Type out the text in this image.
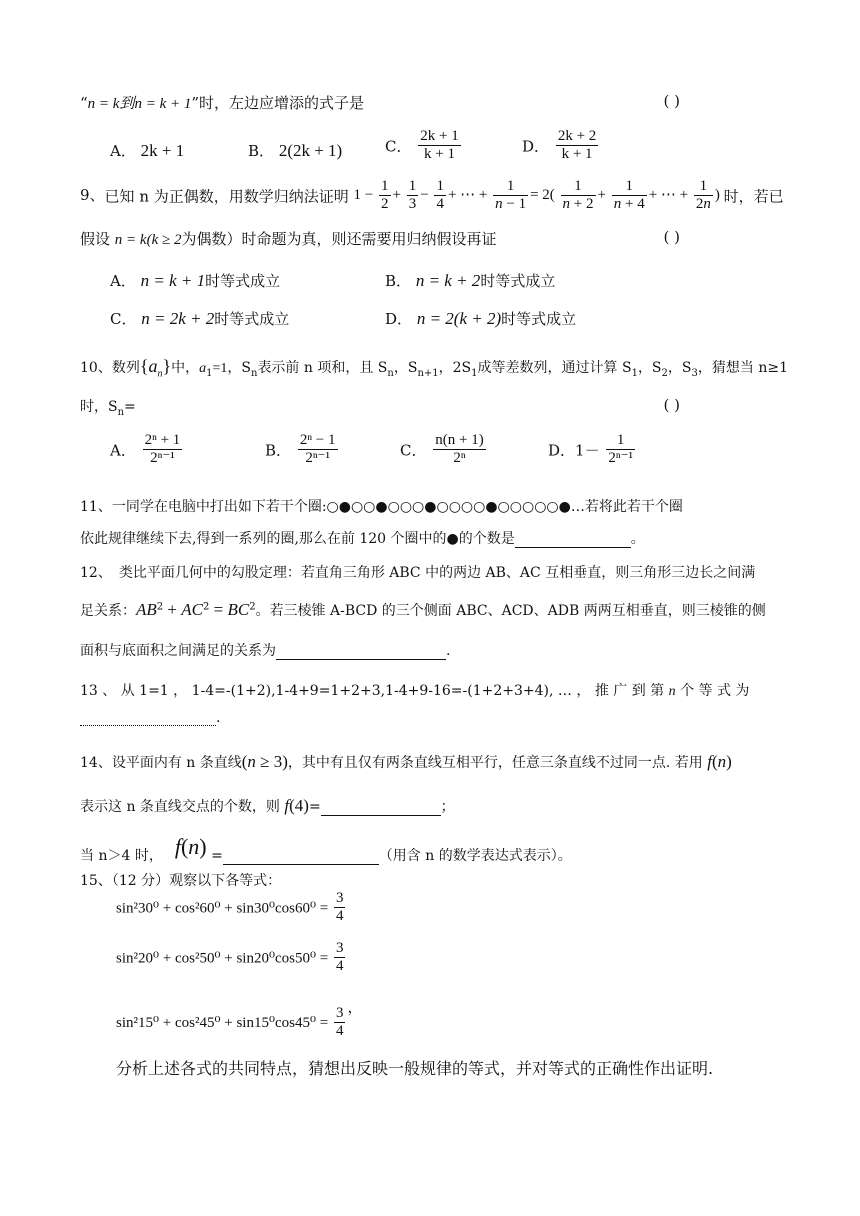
“n = k到n = k + 1”时，左边应增添的式子是	( )
A． 2k + 1	B． 2(2k + 1)	C． $\frac{2k + 1}{k + 1}$	D． $\frac{2k + 2}{k + 1}$
9、已知 n 为正偶数，用数学归纳法证明 $1 - \frac{1}{2} + \frac{1}{3} - \frac{1}{4}$ + ⋯ + $\frac{1}{n - 1} = 2( \frac{1}{n + 2} + \frac{1}{n + 4}$ + ⋯ + $\frac{1}{2n}$ ) 时，若已
假设 n = k(k ≥ 2为偶数）时命题为真，则还需要用归纳假设再证	( )
A． n = k + 1时等式成立	B． n = k + 2时等式成立
C． n = 2k + 2时等式成立	D． n = 2(k + 2)时等式成立
10、数列$\{a_n\}$中，$a_1=1$，$S_n$表示前 n 项和，且 $S_n$，$S_{n+1}$，$2S_1$成等差数列，通过计算 $S_1$，$S_2$，$S_3$，猜想当 n≥1
时，$S_n=$	( )
A． $\frac{\text{2ⁿ + 1}}{\text{2ⁿ⁻¹}}$	B． $\frac{\text{2ⁿ − 1}}{\text{2ⁿ⁻¹}}$	C． $\frac{n(n + 1)}{\text{2ⁿ}}$	D．$1- \frac{1}{\text{2ⁿ⁻¹}}$
11、一同学在电脑中打出如下若干个圈:○●○○●○○○●○○○○●○○○○○●…若将此若干个圈
依此规律继续下去,得到一系列的圈,那么在前 120 个圈中的●的个数是	。
12、　类比平面几何中的勾股定理：若直角三角形 ABC 中的两边 AB、AC 互相垂直，则三角形三边长之间满
足关系：$AB^2 + AC^2 = BC^2$。若三棱锥 A-BCD 的三个侧面 ABC、ACD、ADB 两两互相垂直，则三棱锥的侧
面积与底面积之间满足的关系为	.
13 、 从 1=1 ， 1-4=-(1+2),1-4+9=1+2+3,1-4+9-16=-(1+2+3+4), … ， 推 广 到 第 n 个 等 式 为
.
14、设平面内有 n 条直线(n ≥ 3)，其中有且仅有两条直线互相平行，任意三条直线不过同一点. 若用 f(n)
表示这 n 条直线交点的个数，则 f(4)=	；
当 n＞4 时， f(n) =	（用含 n 的数学表达式表示）。
15、（12 分）观察以下各等式：
$\sin^230^0 + \cos^260^0 + \sin 30^0\cos 60^0 = \frac{3}{4}$
$\sin^220^0 + \cos^250^0 + \sin 20^0\cos 50^0 = \frac{3}{4}$
$\sin^215^0 + \cos^245^0 + \sin 15^0\cos 45^0 = \frac{3}{4}$ ，
分析上述各式的共同特点，猜想出反映一般规律的等式，并对等式的正确性作出证明.
